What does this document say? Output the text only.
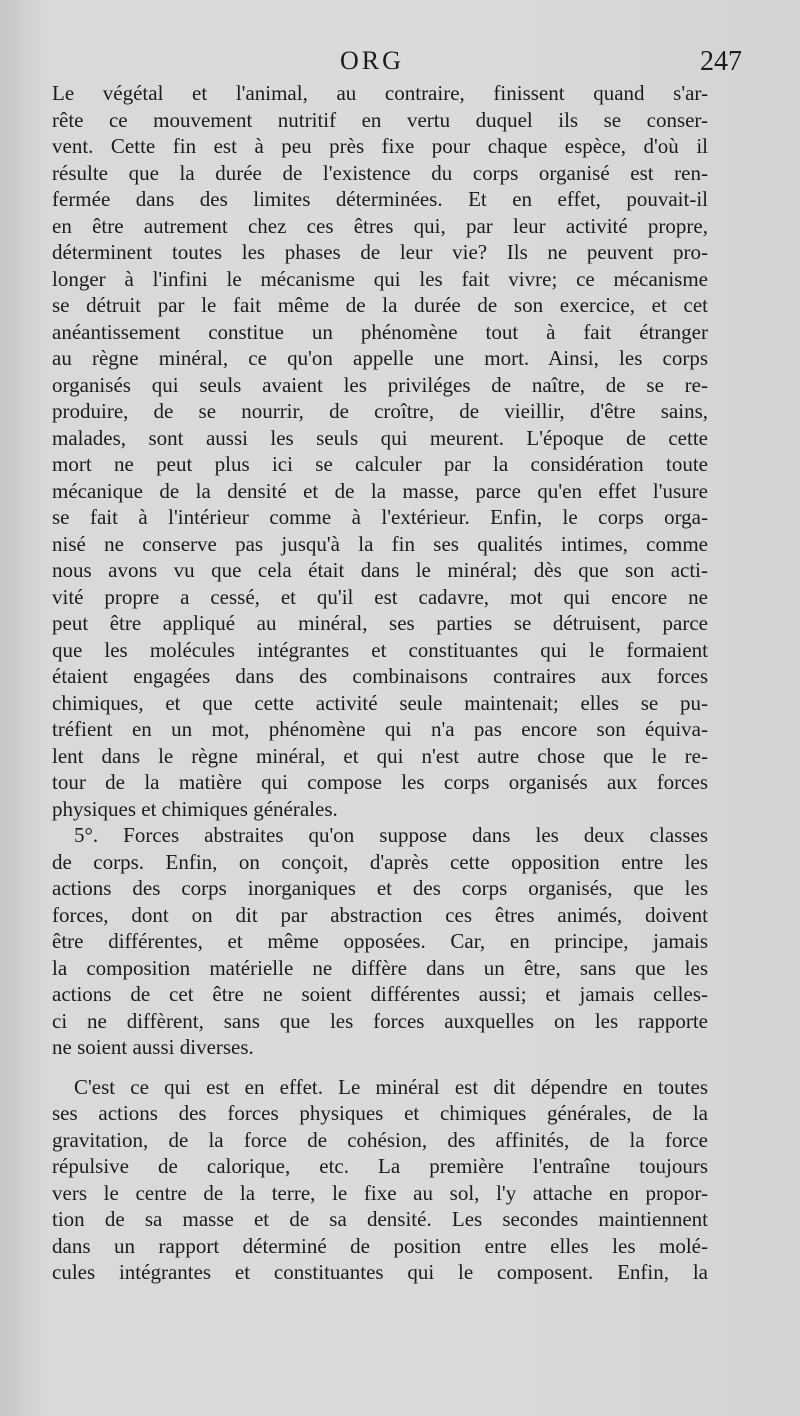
ORG	247
Le végétal et l'animal, au contraire, finissent quand s'ar-
rête ce mouvement nutritif en vertu duquel ils se conser-
vent. Cette fin est à peu près fixe pour chaque espèce, d'où il
résulte que la durée de l'existence du corps organisé est ren-
fermée dans des limites déterminées. Et en effet, pouvait-il
en être autrement chez ces êtres qui, par leur activité propre,
déterminent toutes les phases de leur vie? Ils ne peuvent pro-
longer à l'infini le mécanisme qui les fait vivre; ce mécanisme
se détruit par le fait même de la durée de son exercice, et cet
anéantissement constitue un phénomène tout à fait étranger
au règne minéral, ce qu'on appelle une mort. Ainsi, les corps
organisés qui seuls avaient les priviléges de naître, de se re-
produire, de se nourrir, de croître, de vieillir, d'être sains,
malades, sont aussi les seuls qui meurent. L'époque de cette
mort ne peut plus ici se calculer par la considération toute
mécanique de la densité et de la masse, parce qu'en effet l'usure
se fait à l'intérieur comme à l'extérieur. Enfin, le corps orga-
nisé ne conserve pas jusqu'à la fin ses qualités intimes, comme
nous avons vu que cela était dans le minéral; dès que son acti-
vité propre a cessé, et qu'il est cadavre, mot qui encore ne
peut être appliqué au minéral, ses parties se détruisent, parce
que les molécules intégrantes et constituantes qui le formaient
étaient engagées dans des combinaisons contraires aux forces
chimiques, et que cette activité seule maintenait; elles se pu-
tréfient en un mot, phénomène qui n'a pas encore son équiva-
lent dans le règne minéral, et qui n'est autre chose que le re-
tour de la matière qui compose les corps organisés aux forces
physiques et chimiques générales.
5°. Forces abstraites qu'on suppose dans les deux classes
de corps. Enfin, on conçoit, d'après cette opposition entre les
actions des corps inorganiques et des corps organisés, que les
forces, dont on dit par abstraction ces êtres animés, doivent
être différentes, et même opposées. Car, en principe, jamais
la composition matérielle ne diffère dans un être, sans que les
actions de cet être ne soient différentes aussi; et jamais celles-
ci ne diffèrent, sans que les forces auxquelles on les rapporte
ne soient aussi diverses.
C'est ce qui est en effet. Le minéral est dit dépendre en toutes
ses actions des forces physiques et chimiques générales, de la
gravitation, de la force de cohésion, des affinités, de la force
répulsive de calorique, etc. La première l'entraîne toujours
vers le centre de la terre, le fixe au sol, l'y attache en propor-
tion de sa masse et de sa densité. Les secondes maintiennent
dans un rapport déterminé de position entre elles les molé-
cules intégrantes et constituantes qui le composent. Enfin, la
